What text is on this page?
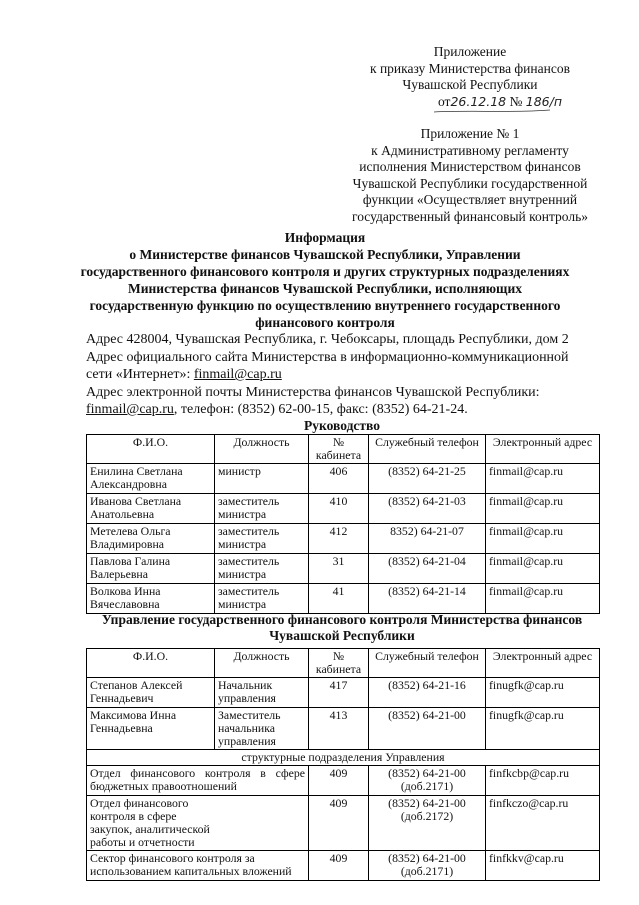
Приложение
к приказу Министерства финансов
Чувашской Республики
от26.12.18 № 186/п
Приложение № 1
к Административному регламенту
исполнения Министерством финансов
Чувашской Республики государственной
функции «Осуществляет внутренний
государственный финансовый контроль»
Информация
о Министерстве финансов Чувашской Республики, Управлении
государственного финансового контроля и других структурных подразделениях
Министерства финансов Чувашской Республики, исполняющих
государственную функцию по осуществлению внутреннего государственного
финансового контроля
Адрес 428004, Чувашская Республика, г. Чебоксары, площадь Республики, дом 2
Адрес официального сайта Министерства в информационно-коммуникационной
сети «Интернет»: finmail@cap.ru
Адрес электронной почты Министерства финансов Чувашской Республики:
finmail@cap.ru, телефон: (8352) 62-00-15, факс: (8352) 64-21-24.
Руководство
Ф.И.О.	Должность	№ кабинета	Служебный телефон	Электронный адрес
Енилина Светлана Александровна	министр	406	(8352) 64-21-25	finmail@cap.ru
Иванова Светлана Анатольевна	заместитель министра	410	(8352) 64-21-03	finmail@cap.ru
Метелева Ольга Владимировна	заместитель министра	412	8352) 64-21-07	finmail@cap.ru
Павлова Галина Валерьевна	заместитель министра	31	(8352) 64-21-04	finmail@cap.ru
Волкова Инна Вячеславовна	заместитель министра	41	(8352) 64-21-14	finmail@cap.ru
Управление государственного финансового контроля Министерства финансов
Чувашской Республики
Ф.И.О.	Должность	№ кабинета	Служебный телефон	Электронный адрес
Степанов Алексей Геннадьевич	Начальник управления	417	(8352) 64-21-16	finugfk@cap.ru
Максимова Инна Геннадьевна	Заместитель начальника управления	413	(8352) 64-21-00	finugfk@cap.ru
структурные подразделения Управления				
Отдел финансового контроля в сфере бюджетных правоотношений		409	(8352) 64-21-00 (доб.2171)	finfkcbp@cap.ru
Отдел финансового контроля в сфере закупок, аналитической работы и отчетности		409	(8352) 64-21-00 (доб.2172)	finfkczo@cap.ru
Сектор финансового контроля за использованием капитальных вложений		409	(8352) 64-21-00 (доб.2171)	finfkkv@cap.ru
